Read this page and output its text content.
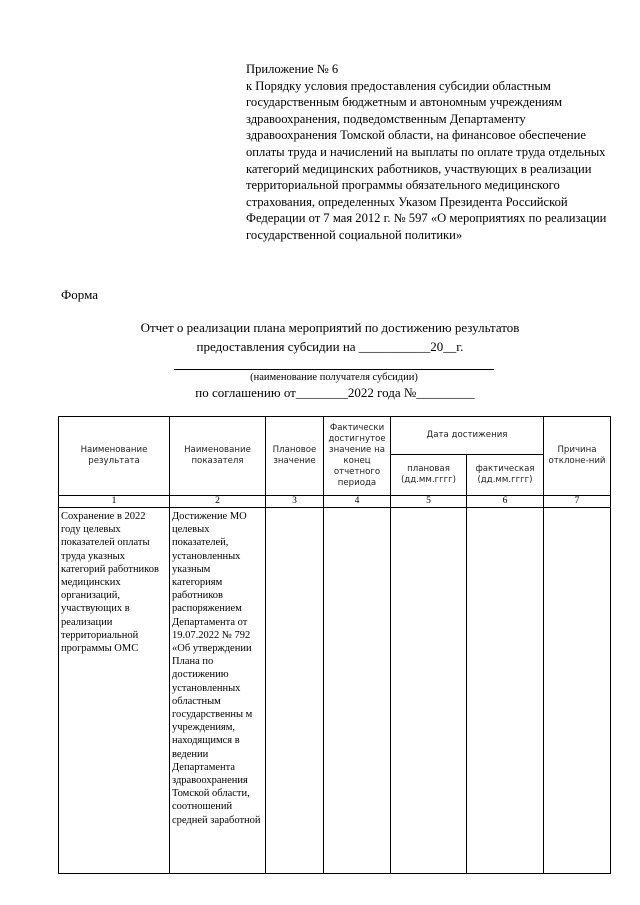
Приложение № 6
к Порядку условия предоставления субсидии областным государственным бюджетным и автономным учреждениям здравоохранения, подведомственным Департаменту здравоохранения Томской области, на финансовое обеспечение оплаты труда и начислений на выплаты по оплате труда отдельных категорий медицинских работников, участвующих в реализации территориальной программы обязательного медицинского страхования, определенных Указом Президента Российской Федерации от 7 мая 2012 г. № 597 «О мероприятиях по реализации государственной социальной политики»
Форма
Отчет о реализации плана мероприятий по достижению результатов
предоставления субсидии на ___________20__г.
(наименование получателя субсидии)
по соглашению от________2022 года №_________
Наименование результата	Наименование показателя	Плановое значение	Фактически достигнутое значение на конец отчетного периода	Дата достижения		Причина отклоне-ний
				плановая (дд.мм.гггг)	фактическая (дд.мм.гггг)	
1	2	3	4	5	6	7
Сохранение в 2022 году целевых показателей оплаты труда указных категорий работников медицинских организаций, участвующих в реализации территориальной программы ОМС	Достижение МО целевых показателей, установленных указным категориям работников распоряжением Департамента от 19.07.2022 № 792 «Об утверждении Плана по достижению установленных областным государственны м учреждениям, находящимся в ведении Департамента здравоохранения Томской области, соотношений средней заработной					
